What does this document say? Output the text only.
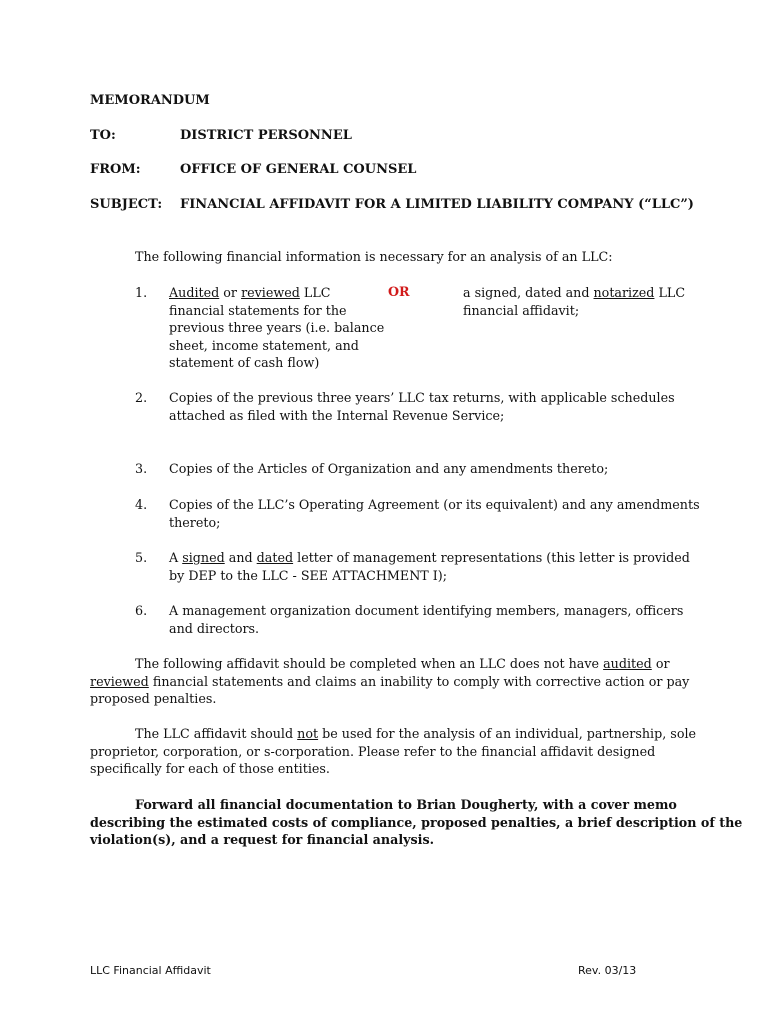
MEMORANDUM
TO:	DISTRICT PERSONNEL
FROM:	OFFICE OF GENERAL COUNSEL
SUBJECT: FINANCIAL AFFIDAVIT FOR A LIMITED LIABILITY COMPANY (“LLC”)
The following financial information is necessary for an analysis of an LLC:
1. Audited or reviewed LLC
financial statements for the
previous three years (i.e. balance
sheet, income statement, and
statement of cash flow)
OR	a signed, dated and notarized LLC
financial affidavit;
2. Copies of the previous three years’ LLC tax returns, with applicable schedules
attached as filed with the Internal Revenue Service;
3. Copies of the Articles of Organization and any amendments thereto;
4. Copies of the LLC’s Operating Agreement (or its equivalent) and any amendments
thereto;
5. A signed and dated letter of management representations (this letter is provided
by DEP to the LLC - SEE ATTACHMENT I);
6. A management organization document identifying members, managers, officers
and directors.
The following affidavit should be completed when an LLC does not have audited or
reviewed financial statements and claims an inability to comply with corrective action or pay
proposed penalties.
The LLC affidavit should not be used for the analysis of an individual, partnership, sole
proprietor, corporation, or s-corporation. Please refer to the financial affidavit designed
specifically for each of those entities.
Forward all financial documentation to Brian Dougherty, with a cover memo
describing the estimated costs of compliance, proposed penalties, a brief description of the
violation(s), and a request for financial analysis.
LLC Financial Affidavit	Rev. 03/13
